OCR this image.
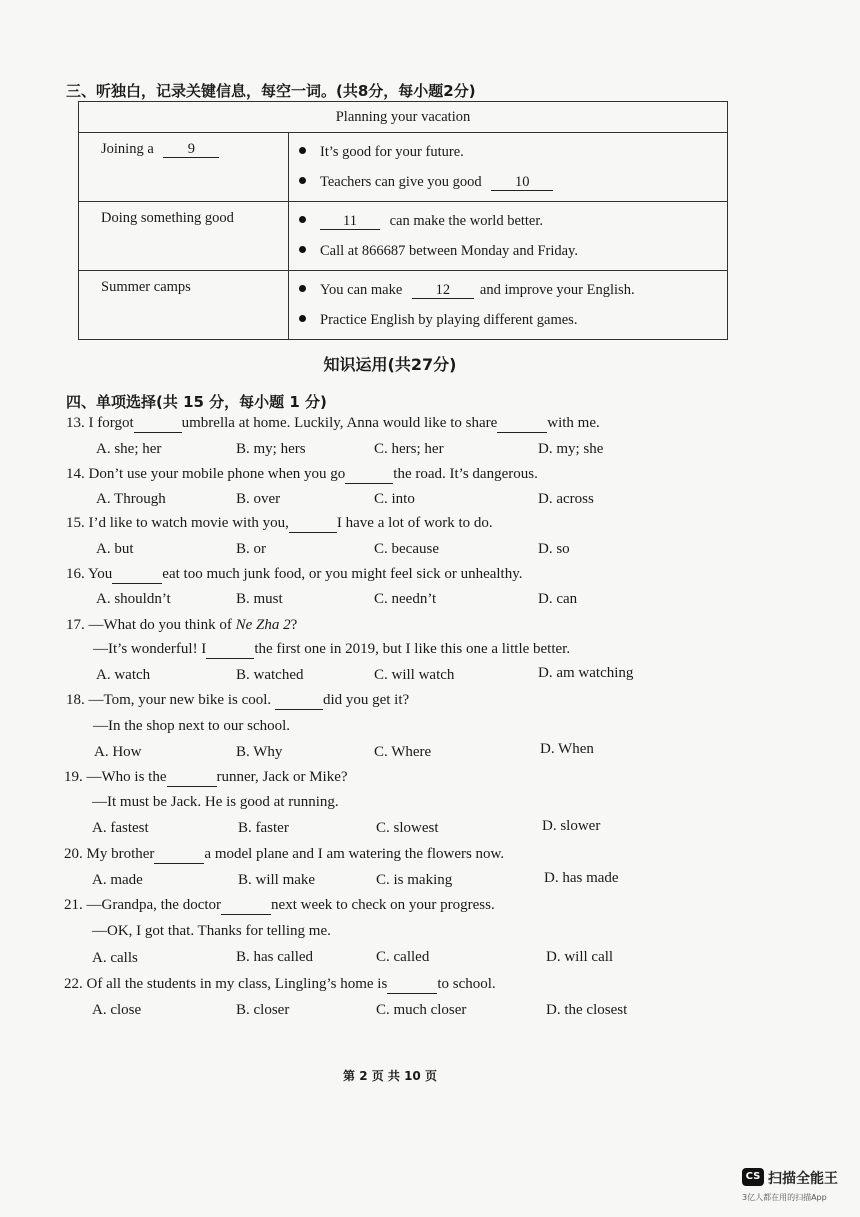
三、听独白，记录关键信息，每空一词。(共8分，每小题2分)
Planning your vacation	
Joining a 9	It’s good for your future.
Teachers can give you good 10

Doing something good	11 can make the world better.
Call at 866687 between Monday and Friday.

Summer camps	You can make 12 and improve your English.
Practice English by playing different games.
知识运用(共27分)
四、单项选择(共 15 分，每小题 1 分)
13. I forgot	umbrella at home. Luckily, Anna would like to share	with me.
A. she; her	B. my; hers	C. hers; her	D. my; she
14. Don’t use your mobile phone when you go	the road. It’s dangerous.
A. Through	B. over	C. into	D. across
15. I’d like to watch movie with you,	I have a lot of work to do.
A. but	B. or	C. because	D. so
16. You	eat too much junk food, or you might feel sick or unhealthy.
A. shouldn’t	B. must	C. needn’t	D. can
17. —What do you think of Ne Zha 2?
—It’s wonderful! I	the first one in 2019, but I like this one a little better.
A. watch	B. watched	C. will watch	D. am watching
18. —Tom, your new bike is cool.	did you get it?
—In the shop next to our school.
A. How	B. Why	C. Where	D. When
19. —Who is the	runner, Jack or Mike?
—It must be Jack. He is good at running.
A. fastest	B. faster	C. slowest	D. slower
20. My brother	a model plane and I am watering the flowers now.
A. made	B. will make	C. is making	D. has made
21. —Grandpa, the doctor	next week to check on your progress.
—OK, I got that. Thanks for telling me.
A. calls	B. has called	C. called	D. will call
22. Of all the students in my class, Lingling’s home is	to school.
A. close	B. closer	C. much closer	D. the closest
第 2 页 共 10 页
CS 扫描全能王
3亿人都在用的扫描App
